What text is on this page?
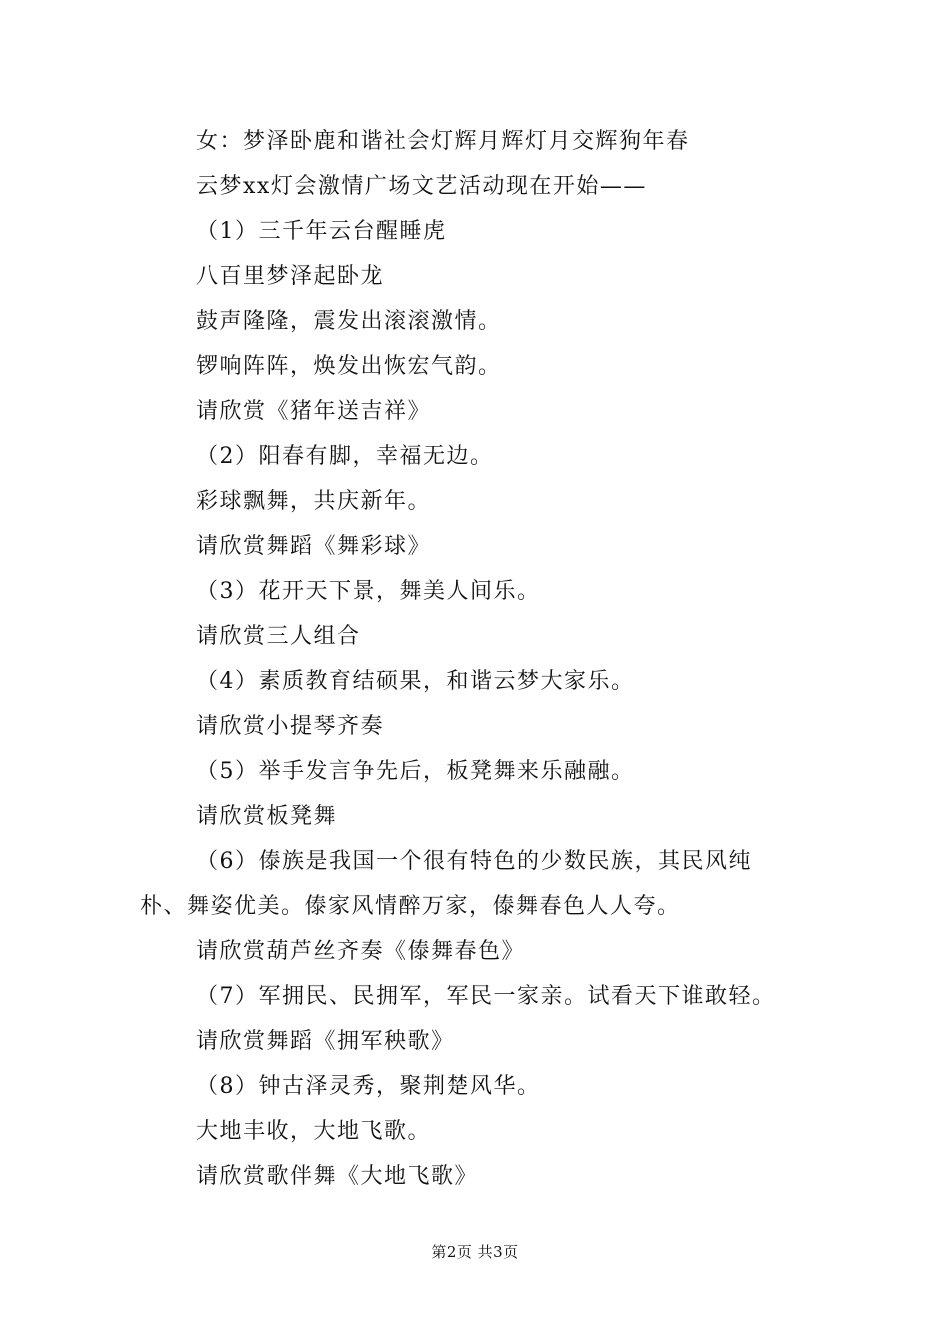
女：梦泽卧鹿和谐社会灯辉月辉灯月交辉狗年春
云梦xx灯会激情广场文艺活动现在开始——
（1）三千年云台醒睡虎
八百里梦泽起卧龙
鼓声隆隆，震发出滚滚激情。
锣响阵阵，焕发出恢宏气韵。
请欣赏《猪年送吉祥》
（2）阳春有脚，幸福无边。
彩球飘舞，共庆新年。
请欣赏舞蹈《舞彩球》
（3）花开天下景，舞美人间乐。
请欣赏三人组合
（4）素质教育结硕果，和谐云梦大家乐。
请欣赏小提琴齐奏
（5）举手发言争先后，板凳舞来乐融融。
请欣赏板凳舞
（6）傣族是我国一个很有特色的少数民族，其民风纯
朴、舞姿优美。傣家风情醉万家，傣舞春色人人夸。
请欣赏葫芦丝齐奏《傣舞春色》
（7）军拥民、民拥军，军民一家亲。试看天下谁敢轻。
请欣赏舞蹈《拥军秧歌》
（8）钟古泽灵秀，聚荆楚风华。
大地丰收，大地飞歌。
请欣赏歌伴舞《大地飞歌》
第2页 共3页
